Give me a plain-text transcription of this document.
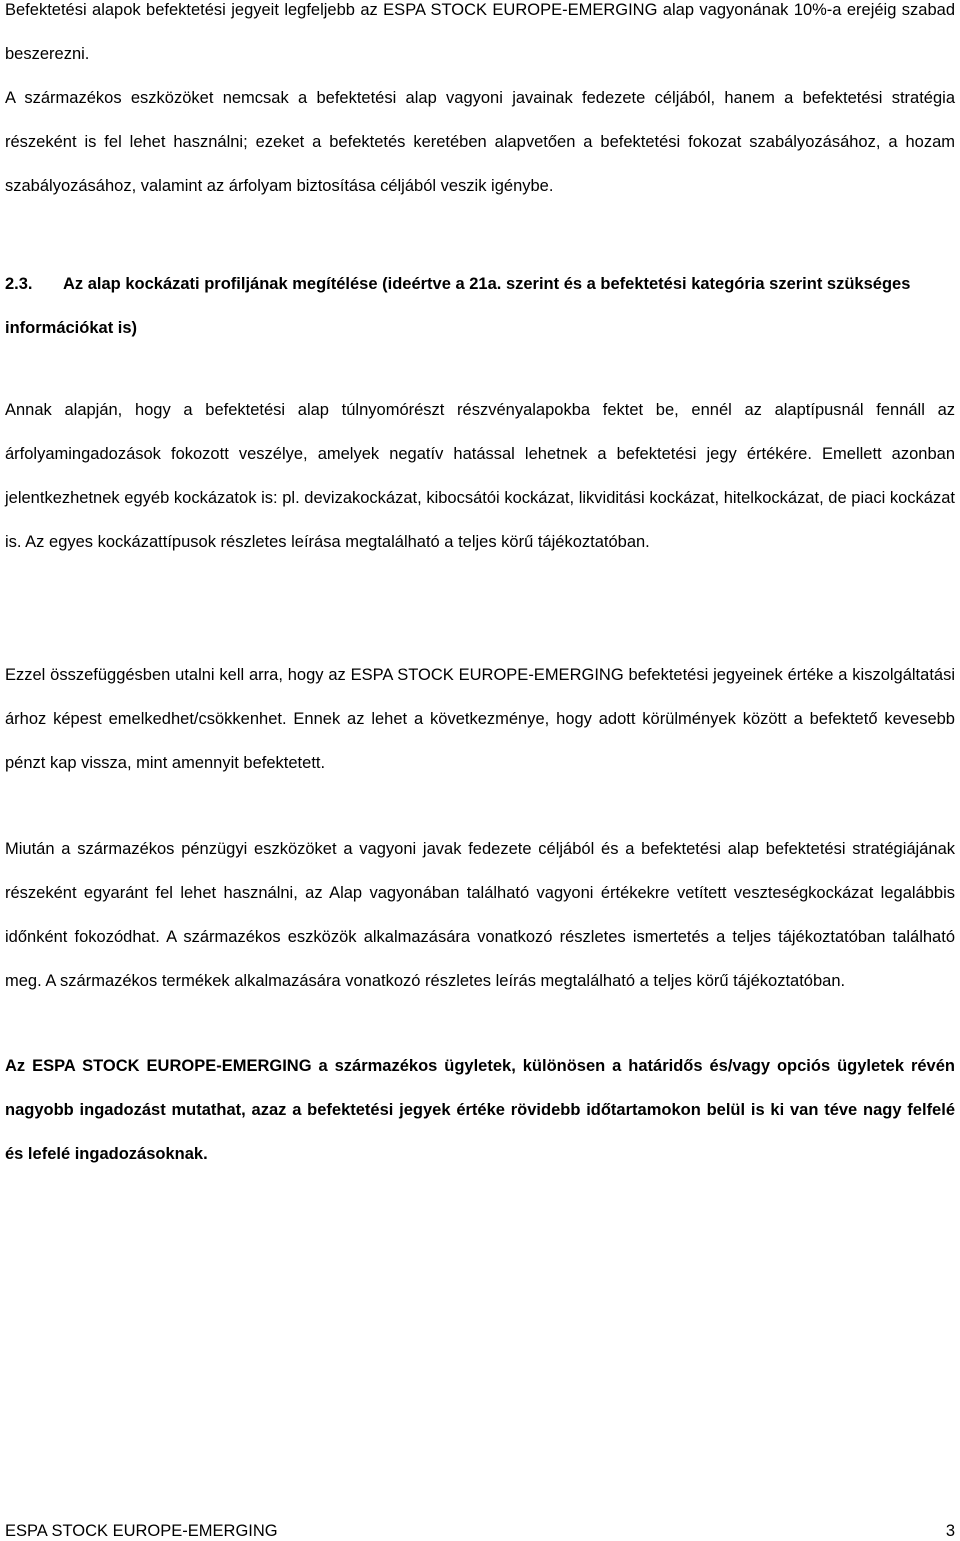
Befektetési alapok befektetési jegyeit legfeljebb az ESPA STOCK EUROPE-EMERGING alap vagyonának 10%-a erejéig szabad beszerezni.

A származékos eszközöket nemcsak a befektetési alap vagyoni javainak fedezete céljából, hanem a befektetési stratégia részeként is fel lehet használni; ezeket a befektetés keretében alapvetően a befektetési fokozat szabályozásához, a hozam szabályozásához, valamint az árfolyam biztosítása céljából veszik igénybe.

2.3. Az alap kockázati profiljának megítélése (ideértve a 21a. szerint és a befektetési kategória szerint szükséges információkat is)

Annak alapján, hogy a befektetési alap túlnyomórészt részvényalapokba fektet be, ennél az alaptípusnál fennáll az árfolyamingadozások fokozott veszélye, amelyek negatív hatással lehetnek a befektetési jegy értékére. Emellett azonban jelentkezhetnek egyéb kockázatok is: pl. devizakockázat, kibocsátói kockázat, likviditási kockázat, hitelkockázat, de piaci kockázat is. Az egyes kockázattípusok részletes leírása megtalálható a teljes körű tájékoztatóban.

Ezzel összefüggésben utalni kell arra, hogy az ESPA STOCK EUROPE-EMERGING befektetési jegyeinek értéke a kiszolgáltatási árhoz képest emelkedhet/csökkenhet. Ennek az lehet a következménye, hogy adott körülmények között a befektető kevesebb pénzt kap vissza, mint amennyit befektetett.

Miután a származékos pénzügyi eszközöket a vagyoni javak fedezete céljából és a befektetési alap befektetési stratégiájának részeként egyaránt fel lehet használni, az Alap vagyonában található vagyoni értékekre vetített veszteségkockázat legalábbis időnként fokozódhat. A származékos eszközök alkalmazására vonatkozó részletes ismertetés a teljes tájékoztatóban található meg. A származékos termékek alkalmazására vonatkozó részletes leírás megtalálható a teljes körű tájékoztatóban.

Az ESPA STOCK EUROPE-EMERGING a származékos ügyletek, különösen a határidős és/vagy opciós ügyletek révén nagyobb ingadozást mutathat, azaz a befektetési jegyek értéke rövidebb időtartamokon belül is ki van téve nagy felfelé és lefelé ingadozásoknak.

ESPA STOCK EUROPE-EMERGING	3
